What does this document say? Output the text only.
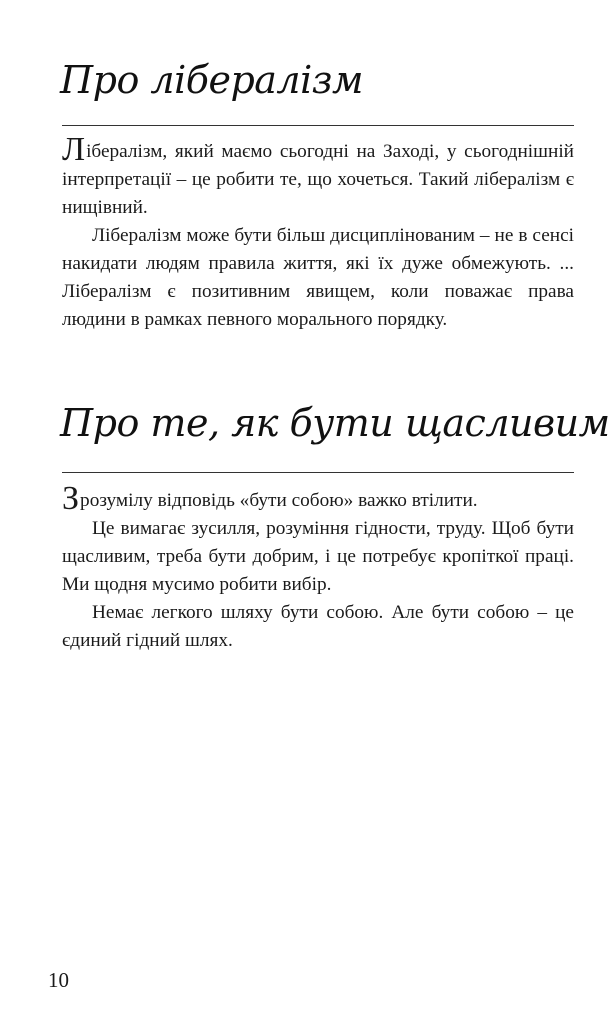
Про лібералізм

Лібералізм, який маємо сьогодні на Заході, у сьогоднішній інтерпретації – це робити те, що хочеться. Такий лібералізм є нищівний.

Лібералізм може бути більш дисциплінованим – не в сенсі накидати людям правила життя, які їх дуже обмежують. ... Лібералізм є позитивним явищем, коли поважає права людини в рамках певного морального порядку.

Про те, як бути щасливим

Зрозумілу відповідь «бути собою» важко втілити.

Це вимагає зусилля, розуміння гідности, труду. Щоб бути щасливим, треба бути добрим, і це потребує кропіткої праці. Ми щодня мусимо робити вибір.

Немає легкого шляху бути собою. Але бути собою – це єдиний гідний шлях.

10
